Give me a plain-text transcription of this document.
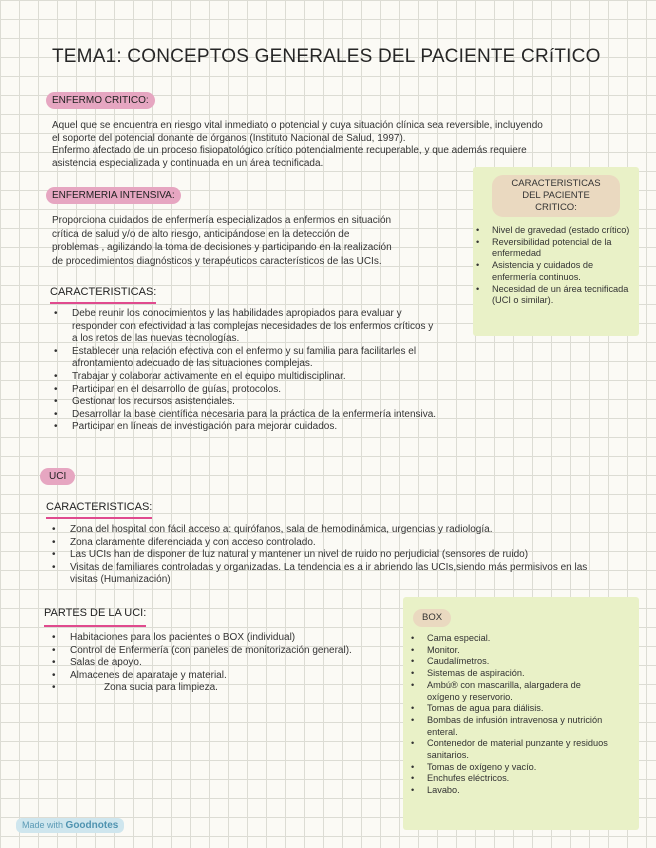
TEMA1: CONCEPTOS GENERALES DEL PACIENTE CRíTICO
ENFERMO CRITICO:
Aquel que se encuentra en riesgo vital inmediato o potencial y cuya situación clínica sea reversible, incluyendo
el soporte del potencial donante de órganos (Instituto Nacional de Salud, 1997).
Enfermo afectado de un proceso fisiopatológico crítico potencialmente recuperable, y que además requiere
asistencia especializada y continuada en un área tecnificada.
ENFERMERIA INTENSIVA:
Proporciona cuidados de enfermería especializados a enfermos en situación
crítica de salud y/o de alto riesgo, anticipándose en la detección de
problemas , agilizando la toma de decisiones y participando en la realización
de procedimientos diagnósticos y terapéuticos característicos de las UCIs.
CARACTERISTICAS:
• Debe reunir los conocimientos y las habilidades apropiados para evaluar y responder con efectividad a las complejas necesidades de los enfermos críticos y a los retos de las nuevas tecnologías.
• Establecer una relación efectiva con el enfermo y su familia para facilitarles el afrontamiento adecuado de las situaciones complejas.
• Trabajar y colaborar activamente en el equipo multidisciplinar.
• Participar en el desarrollo de guías, protocolos.
• Gestionar los recursos asistenciales.
• Desarrollar la base científica necesaria para la práctica de la enfermería intensiva.
• Participar en líneas de investigación para mejorar cuidados.
CARACTERISTICAS DEL PACIENTE CRITICO:
• Nivel de gravedad (estado crítico)
• Reversibilidad potencial de la enfermedad
• Asistencia y cuidados de enfermería continuos.
• Necesidad de un área tecnificada (UCI o similar).
UCI
CARACTERISTICAS:
• Zona del hospital con fácil acceso a: quirófanos, sala de hemodinámica, urgencias y radiología.
• Zona claramente diferenciada y con acceso controlado.
• Las UCIs han de disponer de luz natural y mantener un nivel de ruido no perjudicial (sensores de ruido)
• Visitas de familiares controladas y organizadas. La tendencia es a ir abriendo las UCIs,siendo más permisivos en las visitas (Humanización)
PARTES DE LA UCI:
• Habitaciones para los pacientes o BOX (individual)
• Control de Enfermería (con paneles de monitorización general).
• Salas de apoyo.
• Almacenes de aparataje y material.
• Zona sucia para limpieza.
BOX
• Cama especial.
• Monitor.
• Caudalímetros.
• Sistemas de aspiración.
• Ambú® con mascarilla, alargadera de oxígeno y reservorio.
• Tomas de agua para diálisis.
• Bombas de infusión intravenosa y nutrición enteral.
• Contenedor de material punzante y residuos sanitarios.
• Tomas de oxígeno y vacío.
• Enchufes eléctricos.
• Lavabo.
Made with Goodnotes
